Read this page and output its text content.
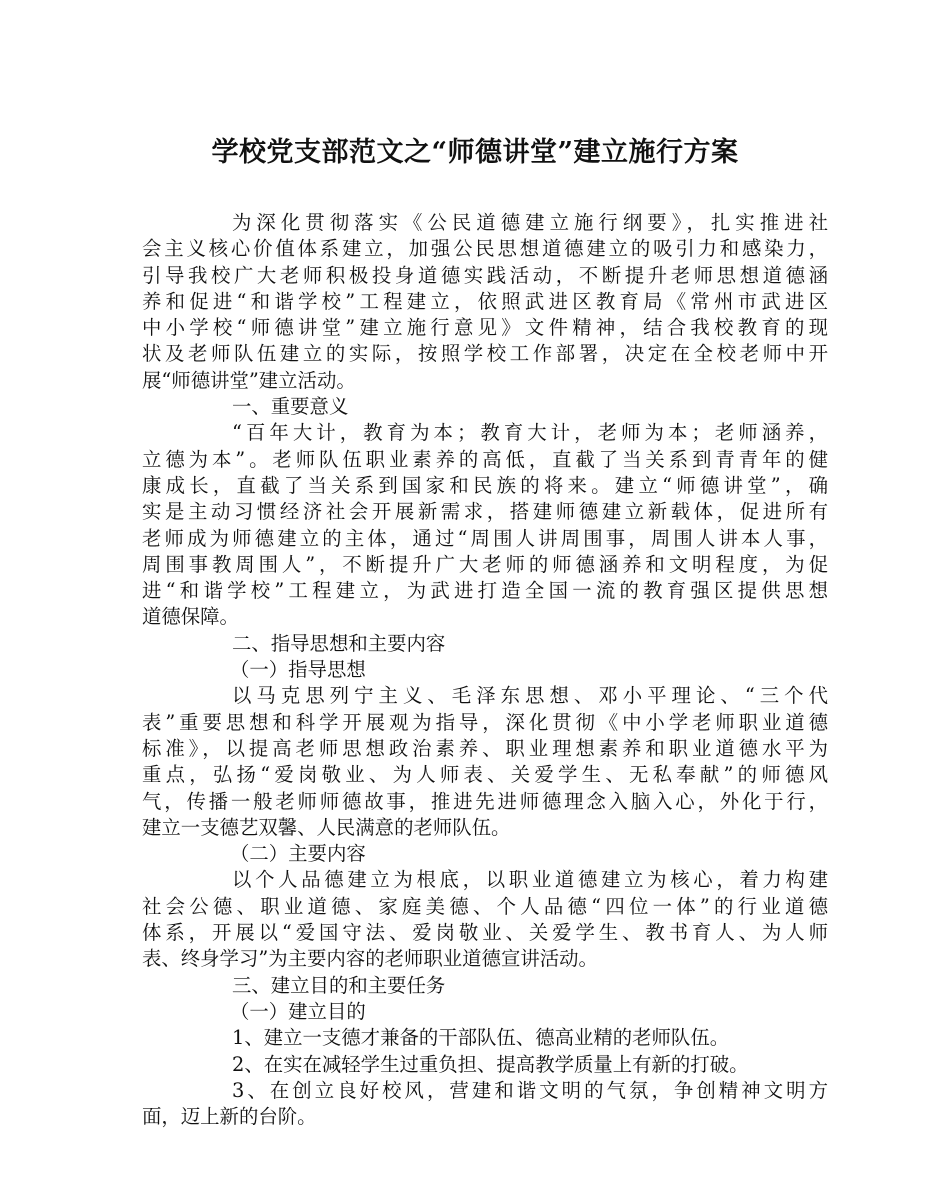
学校党支部范文之“师德讲堂”建立施行方案
为深化贯彻落实《公民道德建立施行纲要》，扎实推进社
会主义核心价值体系建立，加强公民思想道德建立的吸引力和感染力，
引导我校广大老师积极投身道德实践活动，不断提升老师思想道德涵
养和促进“和谐学校”工程建立，依照武进区教育局《常州市武进区
中小学校“师德讲堂”建立施行意见》文件精神，结合我校教育的现
状及老师队伍建立的实际，按照学校工作部署，决定在全校老师中开
展“师德讲堂”建立活动。
一、重要意义
“百年大计，教育为本；教育大计，老师为本；老师涵养，
立德为本”。老师队伍职业素养的高低，直截了当关系到青青年的健
康成长，直截了当关系到国家和民族的将来。建立“师德讲堂”，确
实是主动习惯经济社会开展新需求，搭建师德建立新载体，促进所有
老师成为师德建立的主体，通过“周围人讲周围事，周围人讲本人事，
周围事教周围人”，不断提升广大老师的师德涵养和文明程度，为促
进“和谐学校”工程建立，为武进打造全国一流的教育强区提供思想
道德保障。
二、指导思想和主要内容
（一）指导思想
以马克思列宁主义、毛泽东思想、邓小平理论、“三个代
表”重要思想和科学开展观为指导，深化贯彻《中小学老师职业道德
标准》，以提高老师思想政治素养、职业理想素养和职业道德水平为
重点，弘扬“爱岗敬业、为人师表、关爱学生、无私奉献”的师德风
气，传播一般老师师德故事，推进先进师德理念入脑入心，外化于行，
建立一支德艺双馨、人民满意的老师队伍。
（二）主要内容
以个人品德建立为根底，以职业道德建立为核心，着力构建
社会公德、职业道德、家庭美德、个人品德“四位一体”的行业道德
体系，开展以“爱国守法、爱岗敬业、关爱学生、教书育人、为人师
表、终身学习”为主要内容的老师职业道德宣讲活动。
三、建立目的和主要任务
（一）建立目的
1、建立一支德才兼备的干部队伍、德高业精的老师队伍。
2、在实在减轻学生过重负担、提高教学质量上有新的打破。
3、在创立良好校风，营建和谐文明的气氛，争创精神文明方
面，迈上新的台阶。
